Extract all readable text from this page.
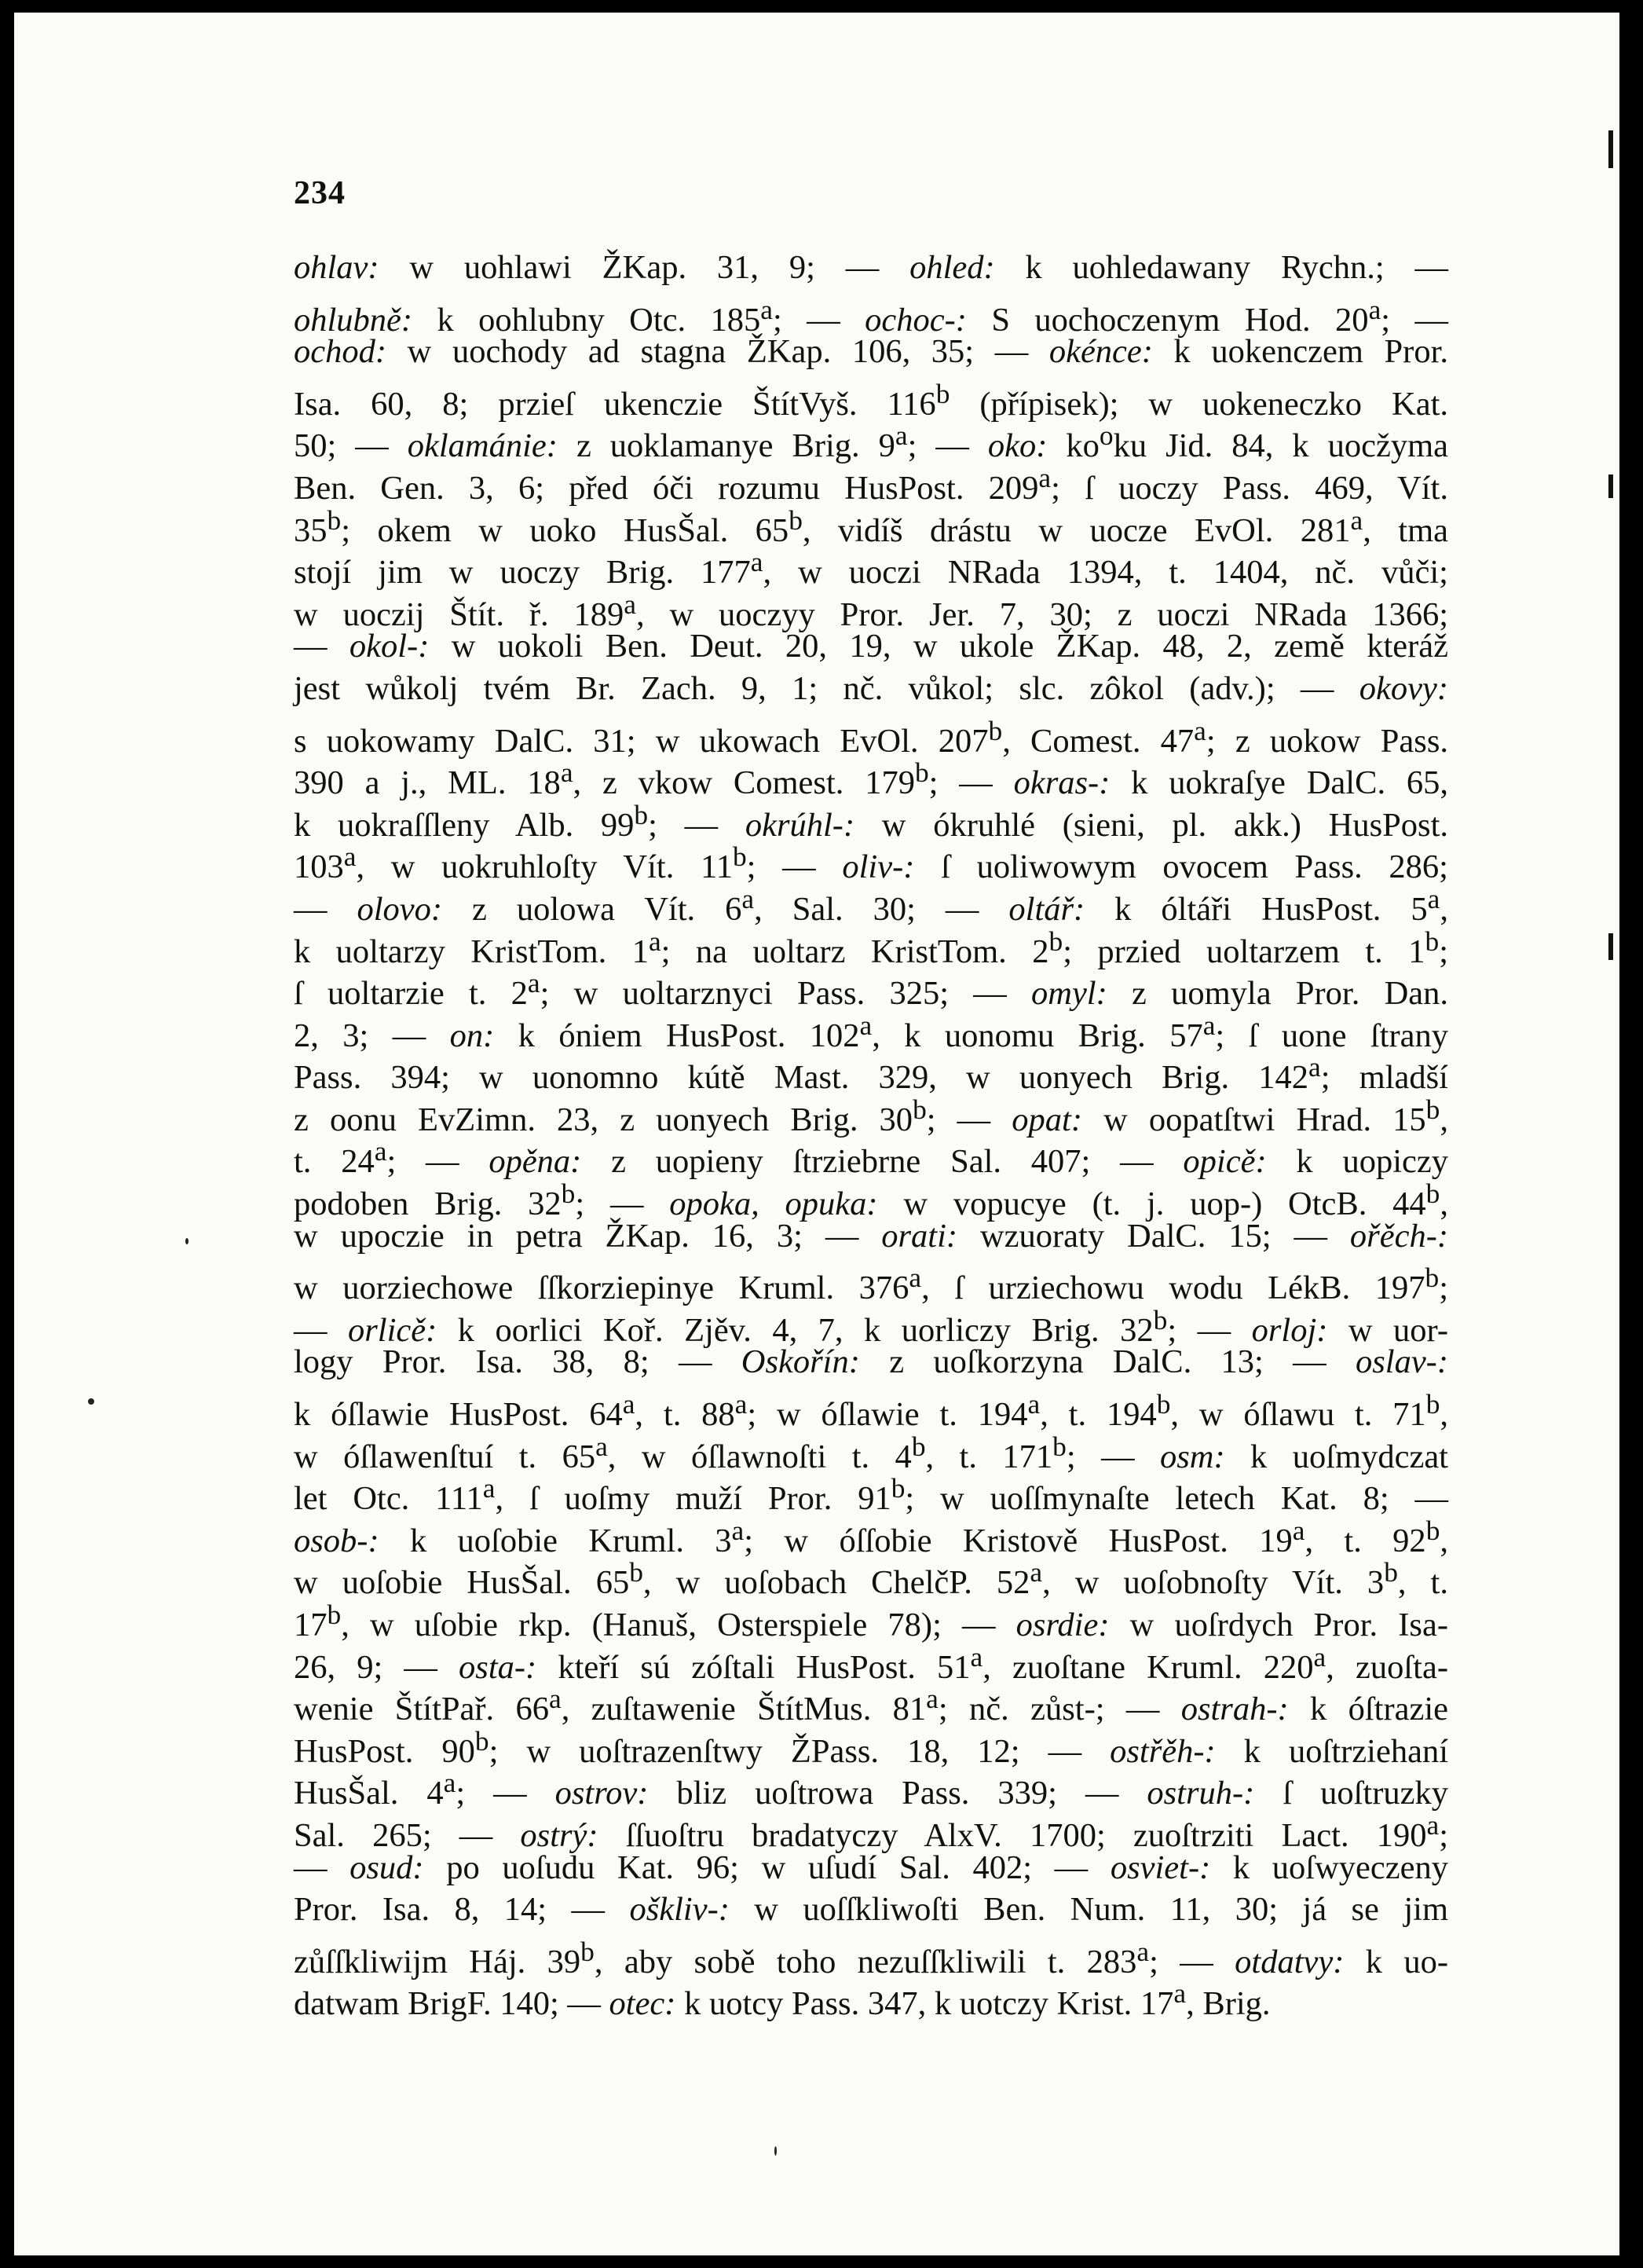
234
ohlav: w uohlawi ŽKap. 31, 9; — ohled: k uohledawany Rychn.; —
ohlubně: k oohlubny Otc. 185$^a$; — ochoc-: S uochoczenym Hod. 20$^a$; —
ochod: w uochody ad stagna ŽKap. 106, 35; — okénce: k uokenczem Pror.
Isa. 60, 8; przieſ ukenczie ŠtítVyš. 116$^b$ (přípisek); w uokeneczko Kat.
50; — oklamánie: z uoklamanye Brig. 9$^a$; — oko: $ko^oku$ Jid. 84, k uocžyma
Ben. Gen. 3, 6; před óči rozumu HusPost. 209$^a$; ſ uoczy Pass. 469, Vít.
35$^b$; okem w uoko HusŠal. 65$^b$, vidíš drástu w uocze EvOl. 281$^a$, tma
stojí jim w uoczy Brig. 177$^a$, w uoczi NRada 1394, t. 1404, nč. vůči;
w uoczij Štít. ř. 189$^a$, w uoczyy Pror. Jer. 7, 30; z uoczi NRada 1366;
— okol-: w uokoli Ben. Deut. 20, 19, w ukole ŽKap. 48, 2, země kteráž
jest wůkolj tvém Br. Zach. 9, 1; nč. vůkol; slc. zôkol (adv.); — okovy:
s uokowamy DalC. 31; w ukowach EvOl. 207$^b$, Comest. 47$^a$; z uokow Pass.
390 a j., ML. 18$^a$, z vkow Comest. 179$^b$; — okras-: k uokraſye DalC. 65,
k uokraſſleny Alb. 99$^b$; — okrúhl-: w ókruhlé (sieni, pl. akk.) HusPost.
103$^a$, w uokruhloſty Vít. 11$^b$; — oliv-: ſ uoliwowym ovocem Pass. 286;
— olovo: z uolowa Vít. 6$^a$, Sal. 30; — oltář: k óltáři HusPost. 5$^a$,
k uoltarzy KristTom. 1$^a$; na uoltarz KristTom. 2$^b$; przied uoltarzem t. 1$^b$;
ſ uoltarzie t. 2$^a$; w uoltarznyci Pass. 325; — omyl: z uomyla Pror. Dan.
2, 3; — on: k óniem HusPost. 102$^a$, k uonomu Brig. 57$^a$; ſ uone ſtrany
Pass. 394; w uonomno kútě Mast. 329, w uonyech Brig. 142$^a$; mladší
z oonu EvZimn. 23, z uonyech Brig. 30$^b$; — opat: w oopatſtwi Hrad. 15$^b$,
t. 24$^a$; — opěna: z uopieny ſtrziebrne Sal. 407; — opicě: k uopiczy
podoben Brig. 32$^b$; — opoka, opuka: w vopucye (t. j. uop-) OtcB. 44$^b$,
w upoczie in petra ŽKap. 16, 3; — orati: wzuoraty DalC. 15; — ořěch-:
w uorziechowe ſſkorziepinye Kruml. 376$^a$, ſ urziechowu wodu LékB. 197$^b$;
— orlicě: k oorlici Koř. Zjěv. 4, 7, k uorliczy Brig. 32$^b$; — orloj: w uor-
logy Pror. Isa. 38, 8; — Oskořín: z uoſkorzyna DalC. 13; — oslav-:
k óſlawie HusPost. 64$^a$, t. 88$^a$; w óſlawie t. 194$^a$, t. 194$^b$, w óſlawu t. 71$^b$,
w óſlawenſtuí t. 65$^a$, w óſlawnoſti t. 4$^b$, t. 171$^b$; — osm: k uoſmydczat
let Otc. 111$^a$, ſ uoſmy muží Pror. 91$^b$; w uoſſmynaſte letech Kat. 8; —
osob-: k uoſobie Kruml. 3$^a$; w óſſobie Kristově HusPost. 19$^a$, t. 92$^b$,
w uoſobie HusŠal. 65$^b$, w uoſobach ChelčP. 52$^a$, w uoſobnoſty Vít. 3$^b$, t.
17$^b$, w uſobie rkp. (Hanuš, Osterspiele 78); — osrdie: w uoſrdych Pror. Isa-
26, 9; — osta-: kteří sú zóſtali HusPost. 51$^a$, zuoſtane Kruml. 220$^a$, zuoſta-
wenie ŠtítPař. 66$^a$, zuſtawenie ŠtítMus. 81$^a$; nč. zůst-; — ostrah-: k óſtrazie
HusPost. 90$^b$; w uoſtrazenſtwy ŽPass. 18, 12; — ostřěh-: k uoſtrziehaní
HusŠal. 4$^a$; — ostrov: bliz uoſtrowa Pass. 339; — ostruh-: ſ uoſtruzky
Sal. 265; — ostrý: ſſuoſtru bradatyczy AlxV. 1700; zuoſtrziti Lact. 190$^a$;
— osud: po uoſudu Kat. 96; w uſudí Sal. 402; — osviet-: k uoſwyeczeny
Pror. Isa. 8, 14; — oškliv-: w uoſſkliwoſti Ben. Num. 11, 30; já se jim
zůſſkliwijm Háj. 39$^b$, aby sobě toho nezuſſkliwili t. 283$^a$; — otdatvy: k uo-
datwam BrigF. 140; — otec: k uotcy Pass. 347, k uotczy Krist. 17$^a$, Brig.
